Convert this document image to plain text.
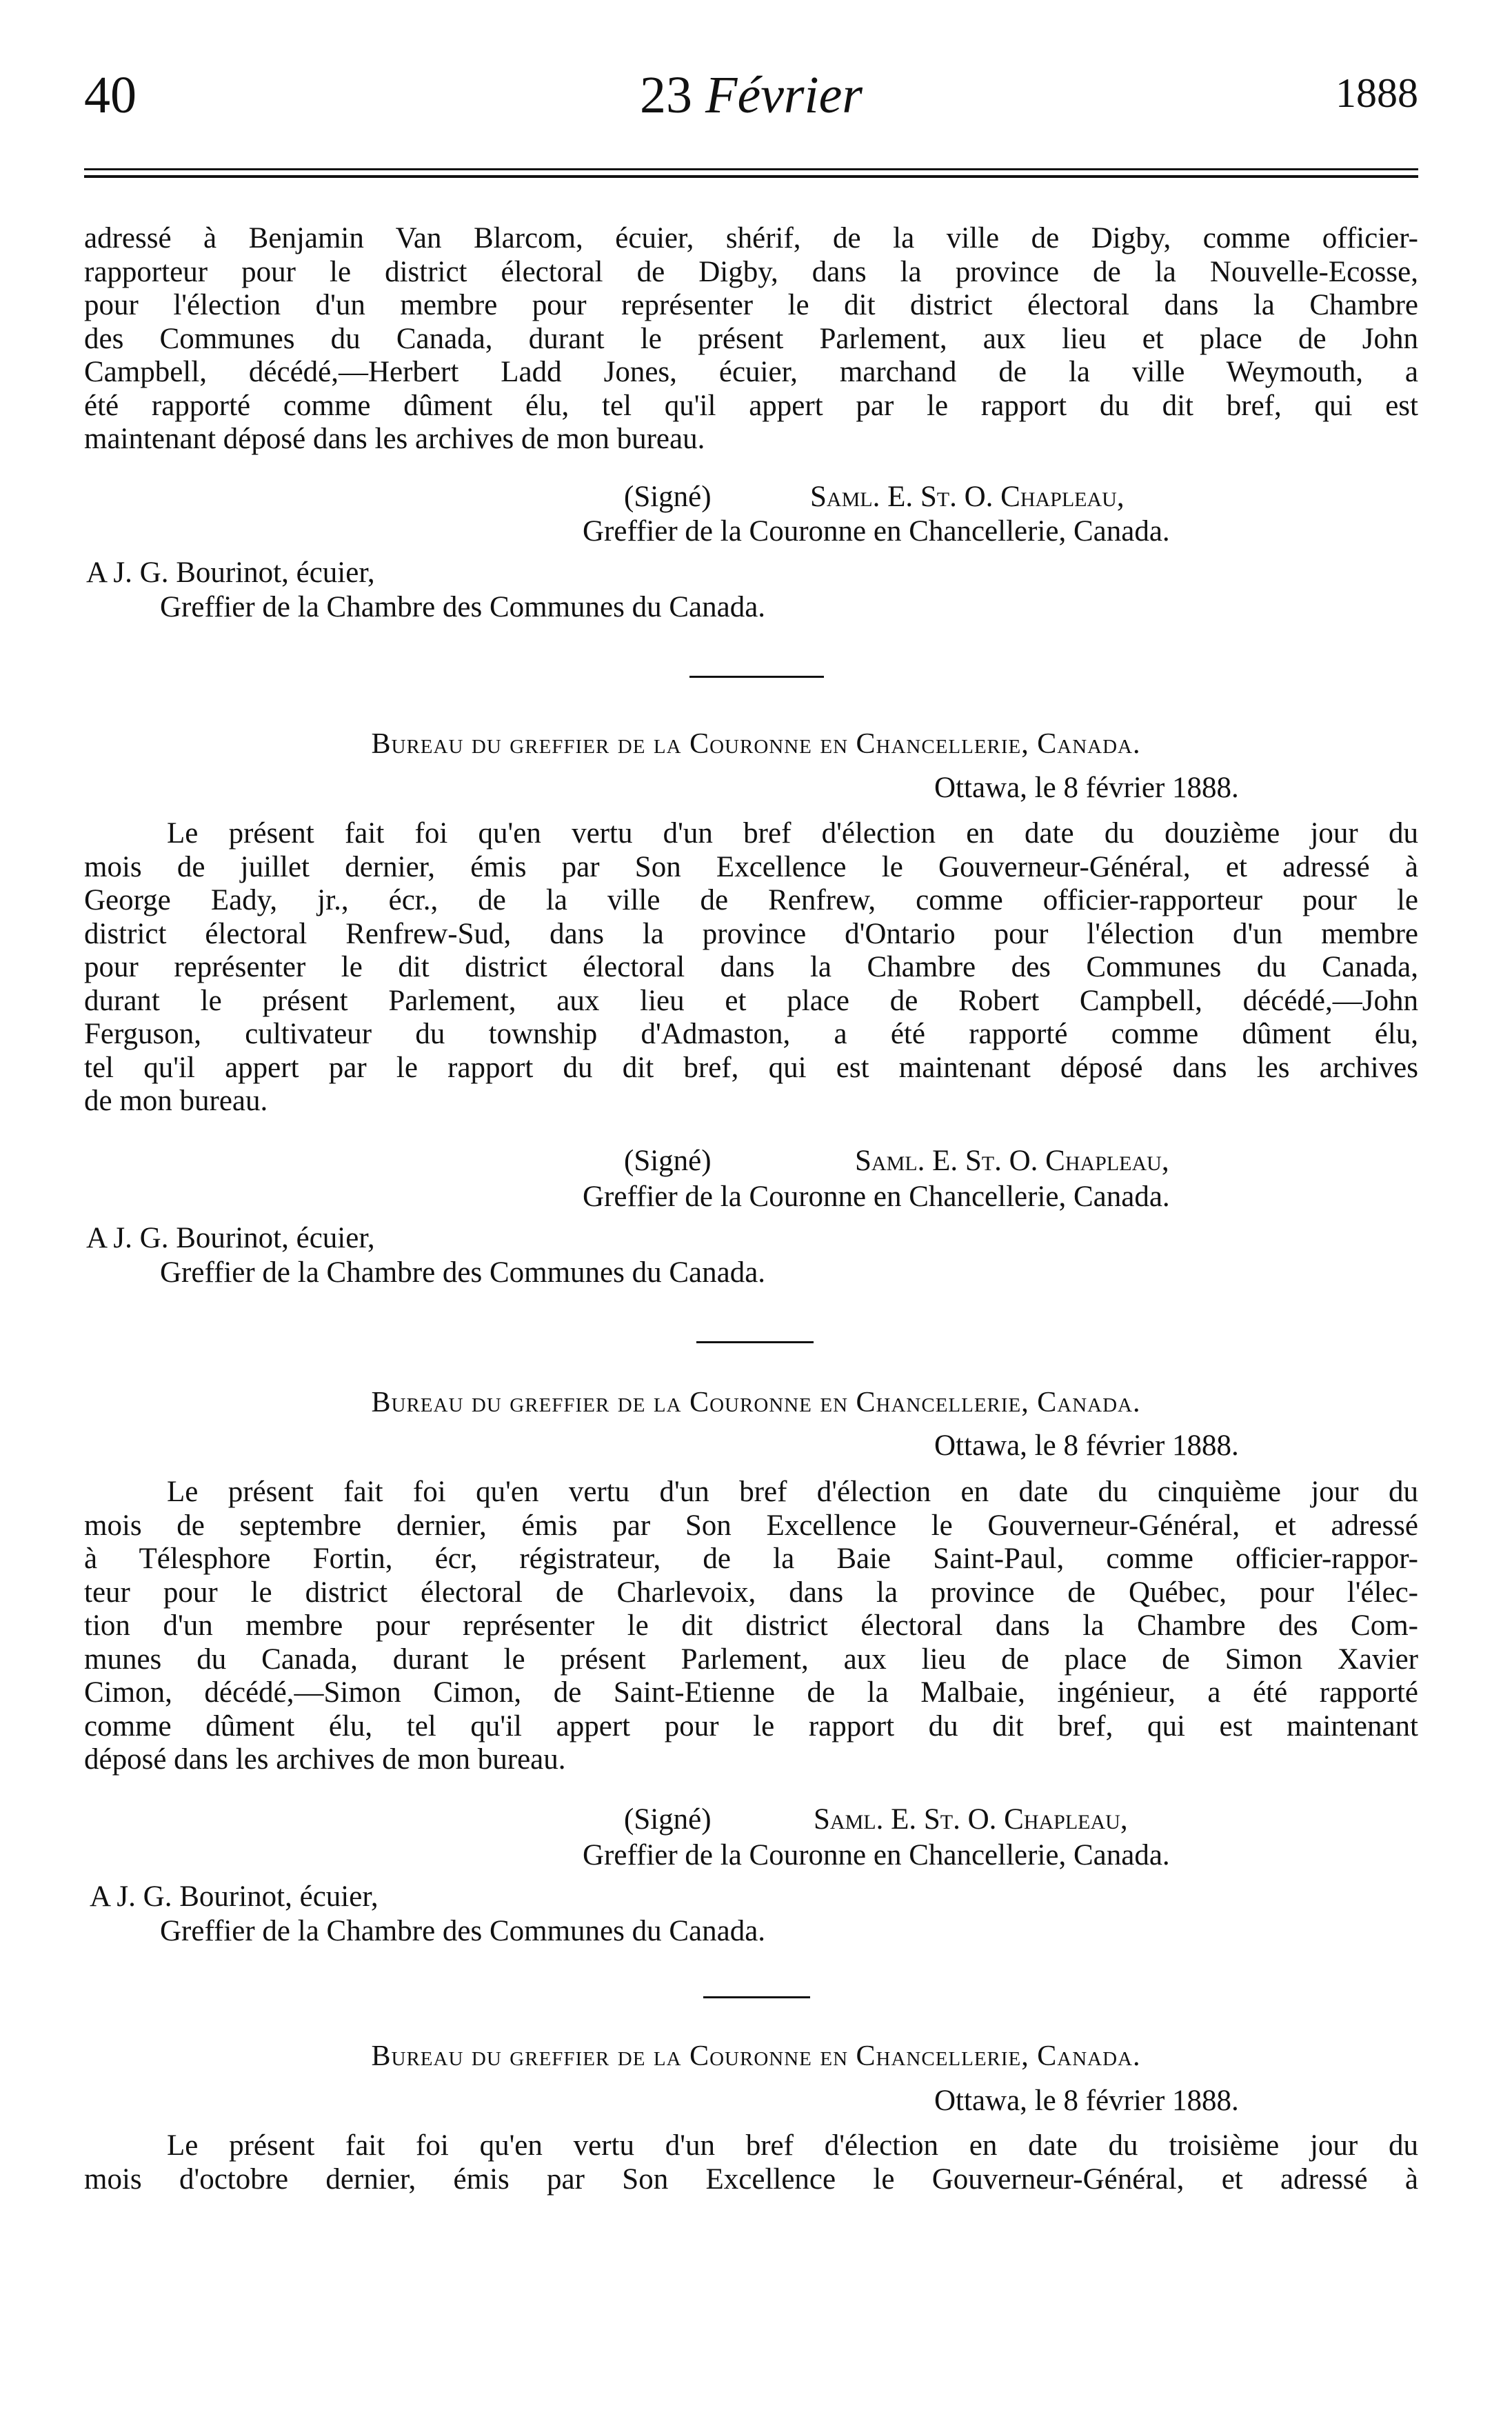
40	23 Février	1888
adressé à Benjamin Van Blarcom, écuier, shérif, de la ville de Digby, comme officier-
rapporteur pour le district électoral de Digby, dans la province de la Nouvelle-Ecosse,
pour l'élection d'un membre pour représenter le dit district électoral dans la Chambre
des Communes du Canada, durant le présent Parlement, aux lieu et place de John
Campbell, décédé,—Herbert Ladd Jones, écuier, marchand de la ville Weymouth, a
été rapporté comme dûment élu, tel qu'il appert par le rapport du dit bref, qui est
maintenant déposé dans les archives de mon bureau.
(Signé)	Saml. E. St. O. Chapleau,
Greffier de la Couronne en Chancellerie, Canada.
A J. G. Bourinot, écuier,
Greffier de la Chambre des Communes du Canada.
Bureau du greffier de la Couronne en Chancellerie, Canada.
Ottawa, le 8 février 1888.
Le présent fait foi qu'en vertu d'un bref d'élection en date du douzième jour du
mois de juillet dernier, émis par Son Excellence le Gouverneur-Général, et adressé à
George Eady, jr., écr., de la ville de Renfrew, comme officier-rapporteur pour le
district électoral Renfrew-Sud, dans la province d'Ontario pour l'élection d'un membre
pour représenter le dit district électoral dans la Chambre des Communes du Canada,
durant le présent Parlement, aux lieu et place de Robert Campbell, décédé,—John
Ferguson, cultivateur du township d'Admaston, a été rapporté comme dûment élu,
tel qu'il appert par le rapport du dit bref, qui est maintenant déposé dans les archives
de mon bureau.
(Signé)	Saml. E. St. O. Chapleau,
Greffier de la Couronne en Chancellerie, Canada.
A J. G. Bourinot, écuier,
Greffier de la Chambre des Communes du Canada.
Bureau du greffier de la Couronne en Chancellerie, Canada.
Ottawa, le 8 février 1888.
Le présent fait foi qu'en vertu d'un bref d'élection en date du cinquième jour du
mois de septembre dernier, émis par Son Excellence le Gouverneur-Général, et adressé
à Télesphore Fortin, écr, régistrateur, de la Baie Saint-Paul, comme officier-rappor-
teur pour le district électoral de Charlevoix, dans la province de Québec, pour l'élec-
tion d'un membre pour représenter le dit district électoral dans la Chambre des Com-
munes du Canada, durant le présent Parlement, aux lieu de place de Simon Xavier
Cimon, décédé,—Simon Cimon, de Saint-Etienne de la Malbaie, ingénieur, a été rapporté
comme dûment élu, tel qu'il appert pour le rapport du dit bref, qui est maintenant
déposé dans les archives de mon bureau.
(Signé)	Saml. E. St. O. Chapleau,
Greffier de la Couronne en Chancellerie, Canada.
A J. G. Bourinot, écuier,
Greffier de la Chambre des Communes du Canada.
Bureau du greffier de la Couronne en Chancellerie, Canada.
Ottawa, le 8 février 1888.
Le présent fait foi qu'en vertu d'un bref d'élection en date du troisième jour du
mois d'octobre dernier, émis par Son Excellence le Gouverneur-Général, et adressé à
